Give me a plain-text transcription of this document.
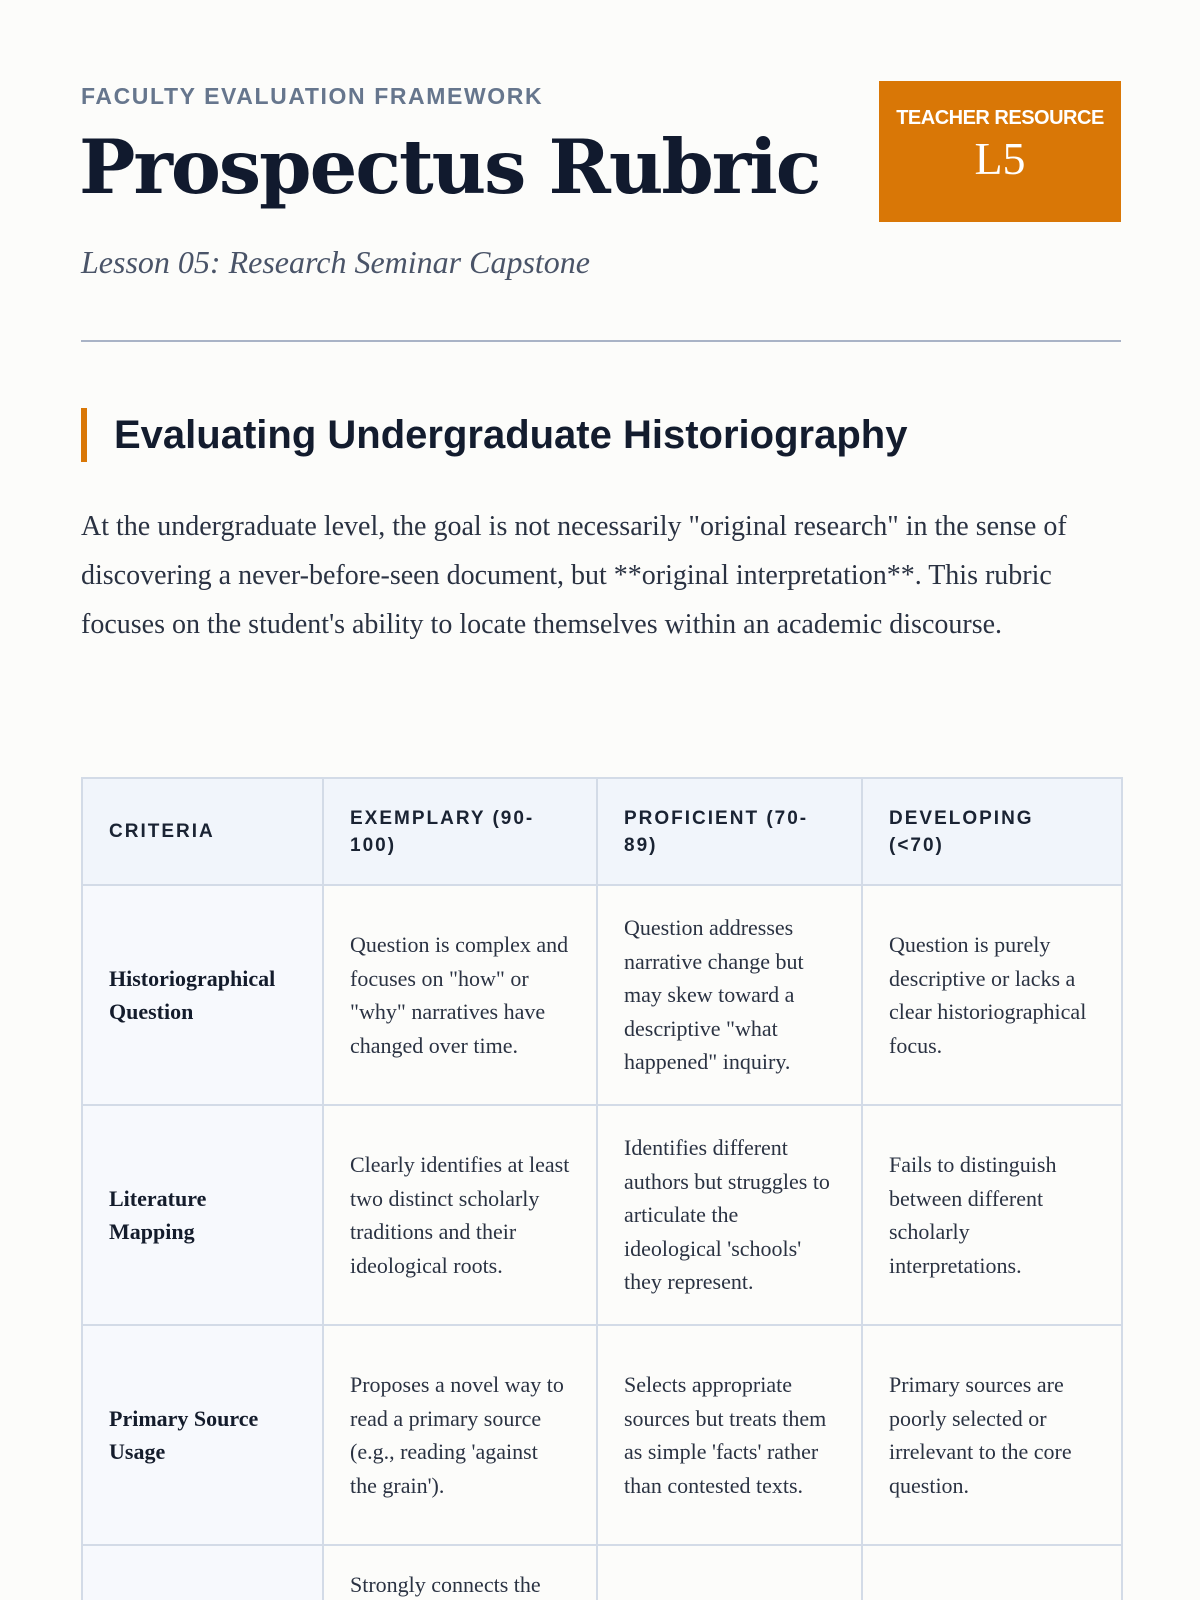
FACULTY EVALUATION FRAMEWORK

Prospectus Rubric

Lesson 05: Research Seminar Capstone

TEACHER RESOURCE
L5
Evaluating Undergraduate Historiography

At the undergraduate level, the goal is not necessarily "original research" in the sense of discovering a never-before-seen document, but **original interpretation**. This rubric focuses on the student's ability to locate themselves within an academic discourse.

CRITERIA	EXEMPLARY (90-100)	PROFICIENT (70-89)	DEVELOPING (<70)
Historiographical Question	Question is complex and focuses on "how" or "why" narratives have changed over time.	Question addresses narrative change but may skew toward a descriptive "what happened" inquiry.	Question is purely descriptive or lacks a clear historiographical focus.
Literature Mapping	Clearly identifies at least two distinct scholarly traditions and their ideological roots.	Identifies different authors but struggles to articulate the ideological 'schools' they represent.	Fails to distinguish between different scholarly interpretations.
Primary Source Usage	Proposes a novel way to read a primary source (e.g., reading 'against the grain').	Selects appropriate sources but treats them as simple 'facts' rather than contested texts.	Primary sources are poorly selected or irrelevant to the core question.
	Strongly connects the		
